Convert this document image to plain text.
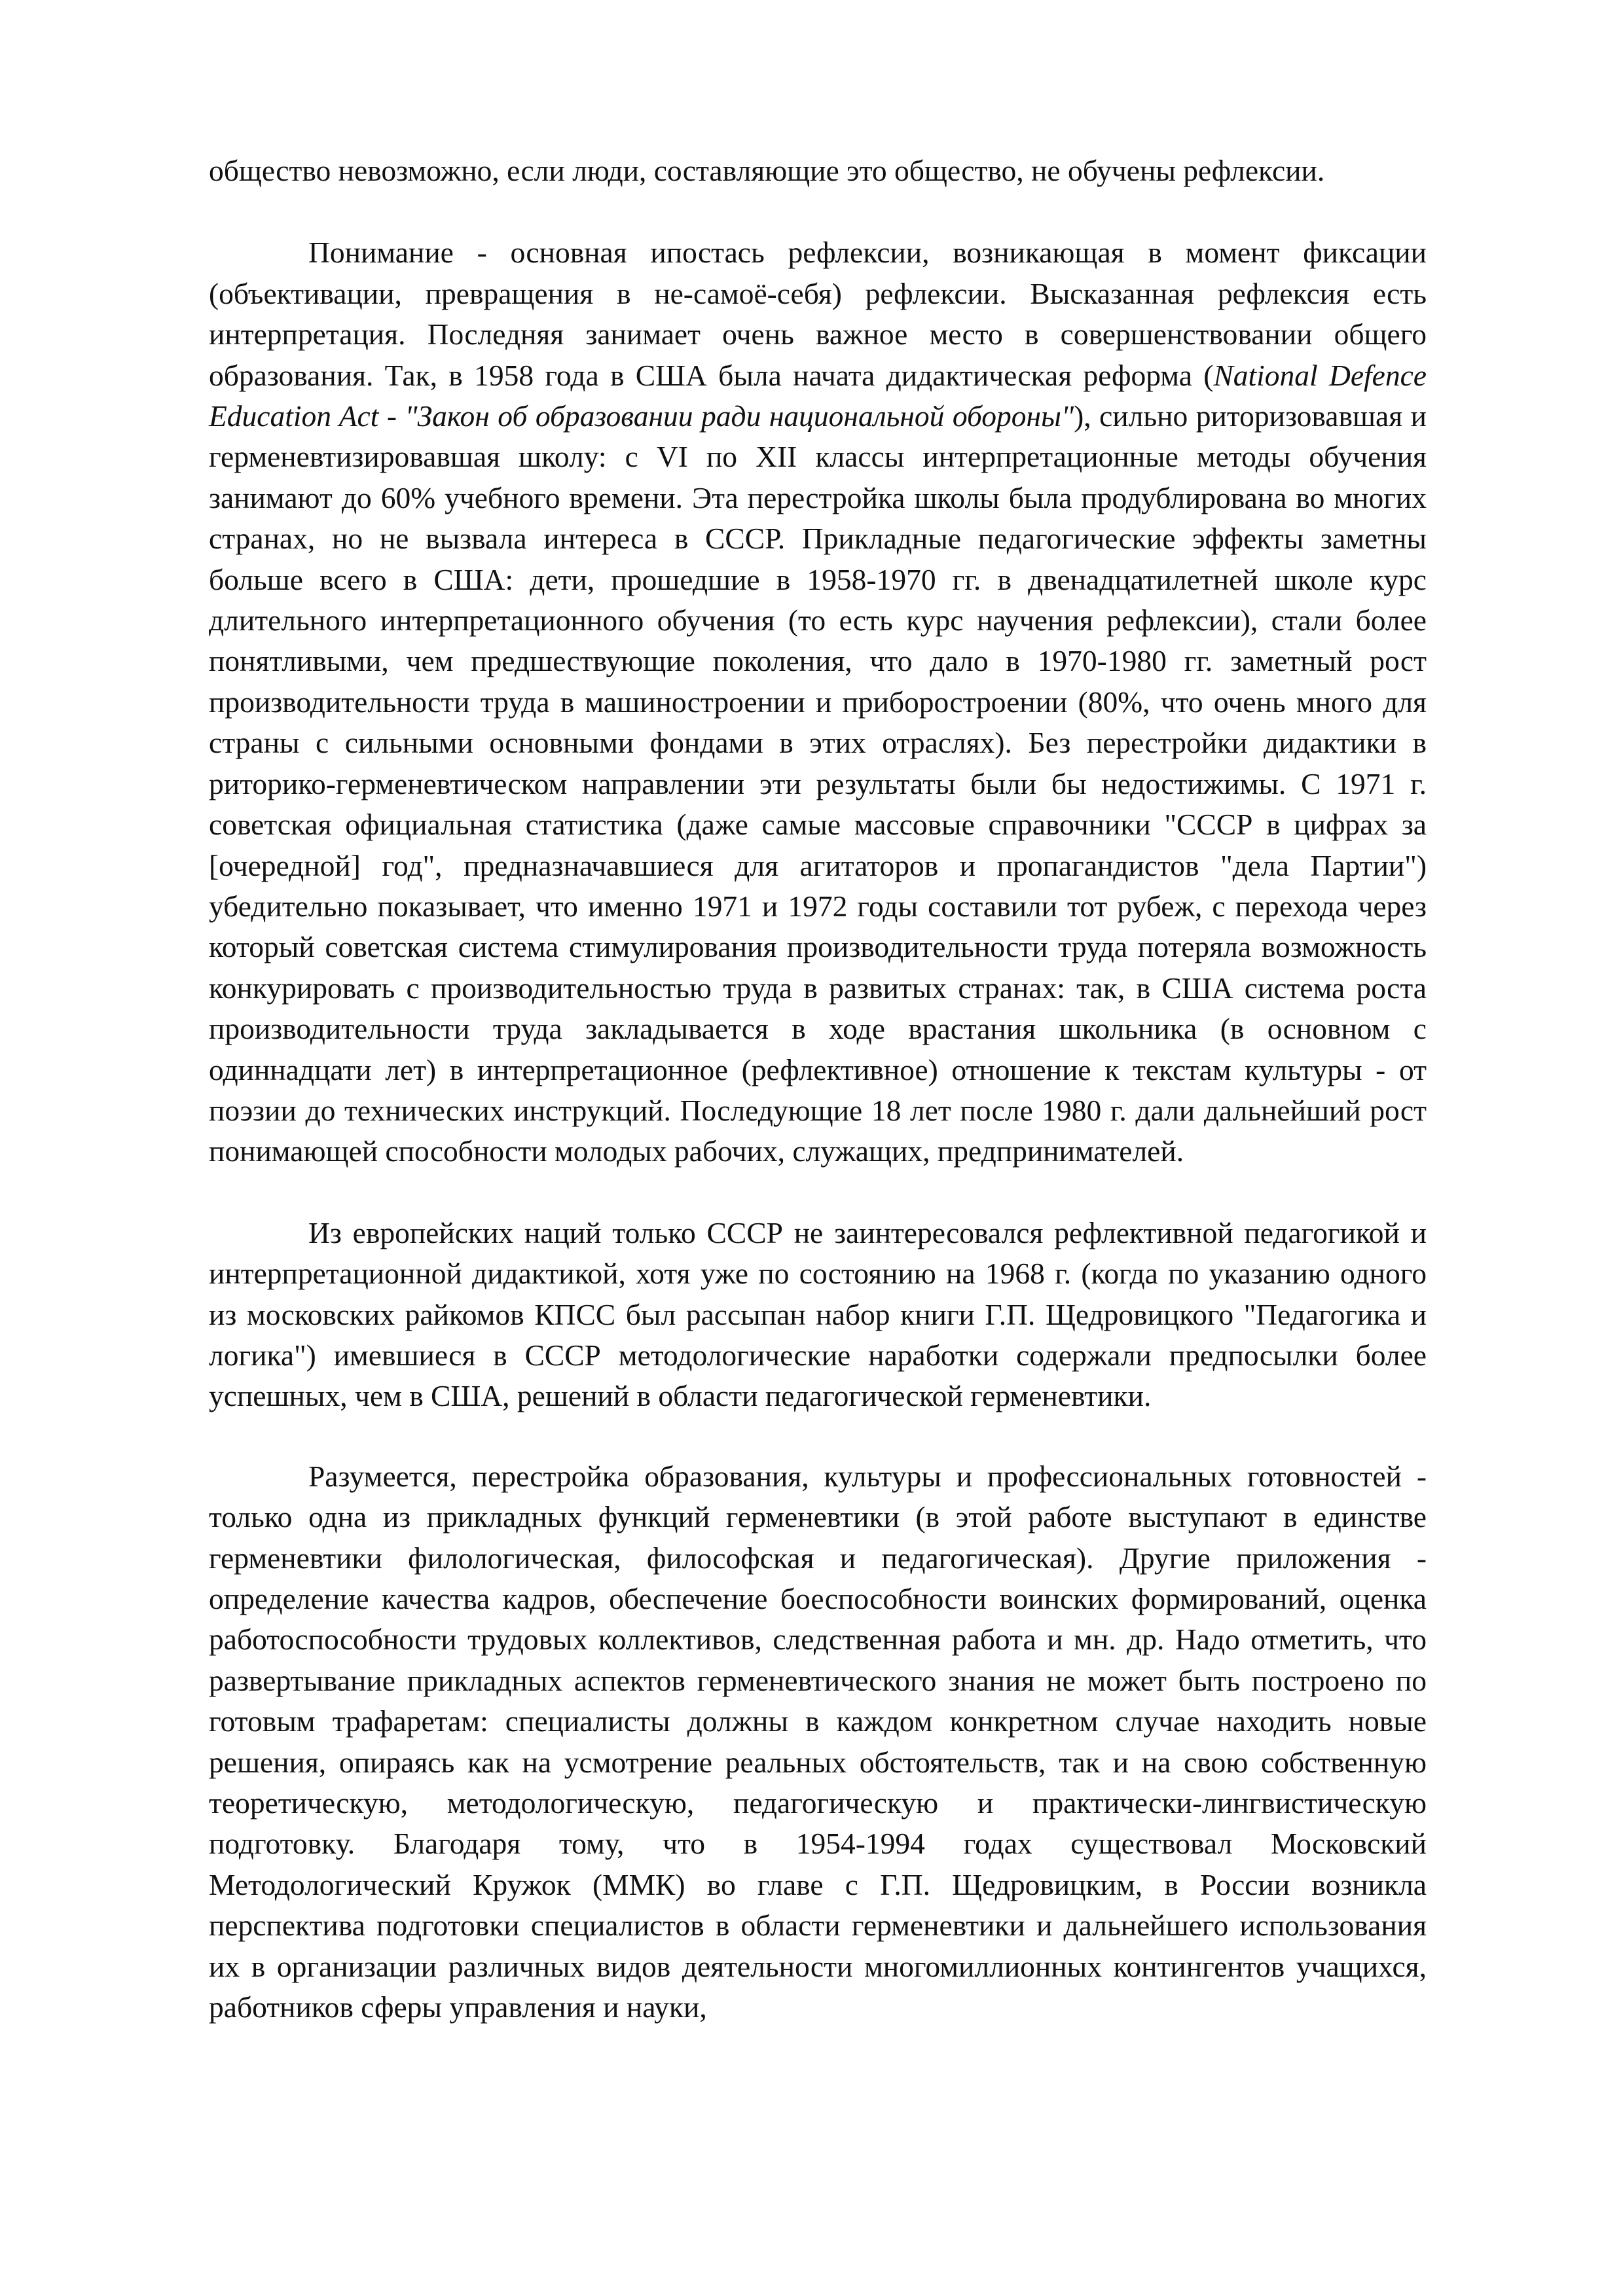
общество невозможно, если люди, составляющие это общество, не обучены рефлексии.

Понимание - основная ипостась рефлексии, возникающая в момент фиксации (объективации, превращения в не-самоё-себя) рефлексии. Высказанная рефлексия есть интерпретация. Последняя занимает очень важное место в совершенствовании общего образования. Так, в 1958 года в США была начата дидактическая реформа (National Defence Education Act - "Закон об образовании ради национальной обороны"), сильно риторизовавшая и герменевтизировавшая школу: с VI по XII классы интерпретационные методы обучения занимают до 60% учебного времени. Эта перестройка школы была продублирована во многих странах, но не вызвала интереса в СССР. Прикладные педагогические эффекты заметны больше всего в США: дети, прошедшие в 1958-1970 гг. в двенадцатилетней школе курс длительного интерпретационного обучения (то есть курс научения рефлексии), стали более понятливыми, чем предшествующие поколения, что дало в 1970-1980 гг. заметный рост производительности труда в машиностроении и приборостроении (80%, что очень много для страны с сильными основными фондами в этих отраслях). Без перестройки дидактики в риторико-герменевтическом направлении эти результаты были бы недостижимы. С 1971 г. советская официальная статистика (даже самые массовые справочники "СССР в цифрах за [очередной] год", предназначавшиеся для агитаторов и пропагандистов "дела Партии") убедительно показывает, что именно 1971 и 1972 годы составили тот рубеж, с перехода через который советская система стимулирования производительности труда потеряла возможность конкурировать с производительностью труда в развитых странах: так, в США система роста производительности труда закладывается в ходе врастания школьника (в основном с одиннадцати лет) в интерпретационное (рефлективное) отношение к текстам культуры - от поэзии до технических инструкций. Последующие 18 лет после 1980 г. дали дальнейший рост понимающей способности молодых рабочих, служащих, предпринимателей.

Из европейских наций только СССР не заинтересовался рефлективной педагогикой и интерпретационной дидактикой, хотя уже по состоянию на 1968 г. (когда по указанию одного из московских райкомов КПСС был рассыпан набор книги Г.П. Щедровицкого "Педагогика и логика") имевшиеся в СССР методологические наработки содержали предпосылки более успешных, чем в США, решений в области педагогической герменевтики.

Разумеется, перестройка образования, культуры и профессиональных готовностей - только одна из прикладных функций герменевтики (в этой работе выступают в единстве герменевтики филологическая, философская и педагогическая). Другие приложения - определение качества кадров, обеспечение боеспособности воинских формирований, оценка работоспособности трудовых коллективов, следственная работа и мн. др. Надо отметить, что развертывание прикладных аспектов герменевтического знания не может быть построено по готовым трафаретам: специалисты должны в каждом конкретном случае находить новые решения, опираясь как на усмотрение реальных обстоятельств, так и на свою собственную теоретическую, методологическую, педагогическую и практически-лингвистическую подготовку. Благодаря тому, что в 1954-1994 годах существовал Московский Методологический Кружок (ММК) во главе с Г.П. Щедровицким, в России возникла перспектива подготовки специалистов в области герменевтики и дальнейшего использования их в организации различных видов деятельности многомиллионных контингентов учащихся, работников сферы управления и науки,
